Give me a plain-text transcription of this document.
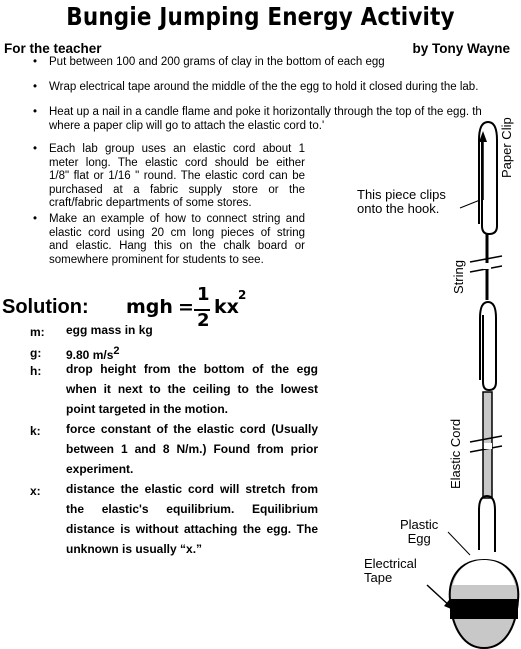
Bungie Jumping Energy Activity
For the teacher	by Tony Wayne
• Put between 100 and 200 grams of clay in the bottom of each egg
• Wrap electrical tape around the middle of the the egg to hold it closed during the lab.
• Heat up a nail in a candle flame and poke it horizontally through the top of the egg. th
where a paper clip will go to attach the elastic cord to.'
• Each lab group uses an elastic cord about 1
meter long. The elastic cord should be either
1/8" flat or 1/16 " round. The elastic cord can be
purchased at a fabric supply store or the
craft/fabric departments of some stores.
• Make an example of how to connect string and
elastic cord using 20 cm long pieces of string
and elastic. Hang this on the chalk board or
somewhere prominent for students to see.
Solution: mgh =
1
2
kx
2
m: egg mass in kg
g: 9.80 $m/s^2$
h: drop height from the bottom of the egg
when it next to the ceiling to the lowest
point targeted in the motion.
k: force constant of the elastic cord (Usually
between 1 and 8 N/m.) Found from prior
experiment.
x: distance the elastic cord will stretch from
the elastic's equilibrium. Equilibrium
distance is without attaching the egg. The
unknown is usually “x.”
This piece clips
onto the hook.
Paper Clip
String
Elastic Cord
Plastic
Egg
Electrical
Tape
